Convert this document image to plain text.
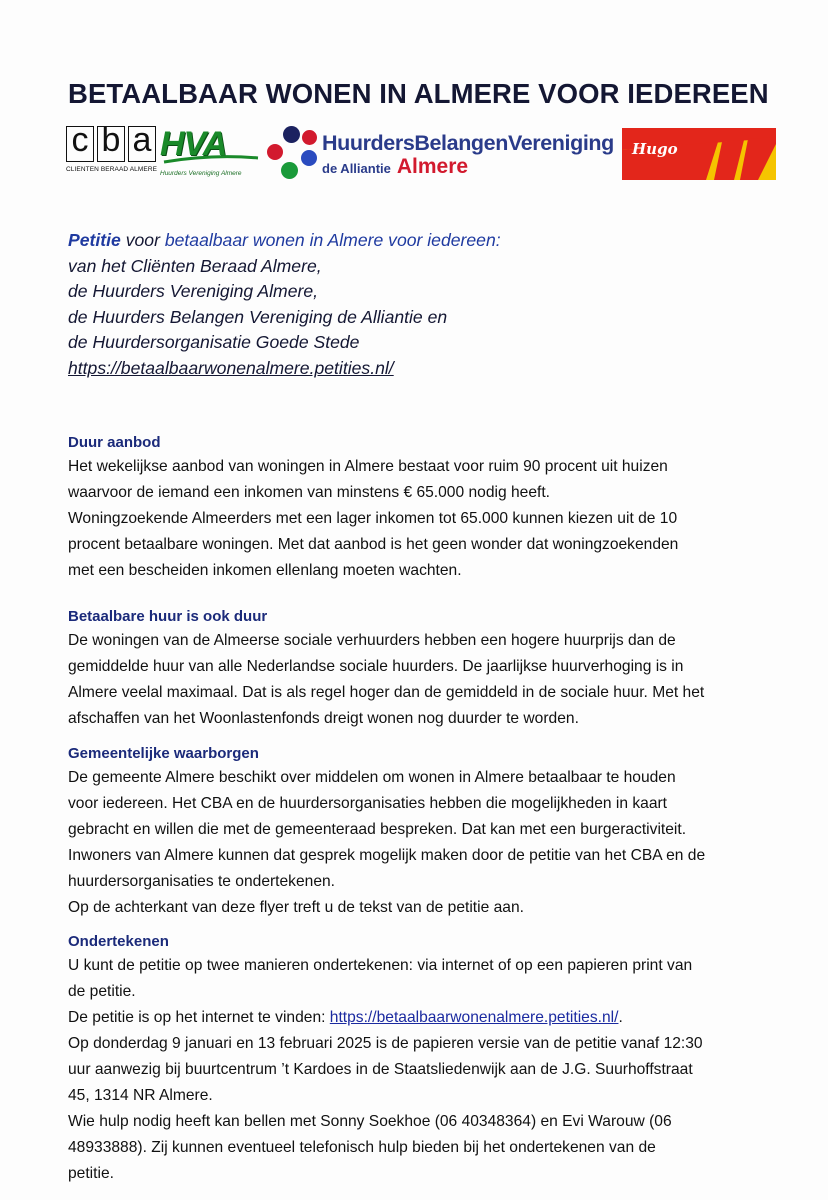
BETAALBAAR WONEN IN ALMERE VOOR IEDEREEN
c b a
CLIENTEN BERAAD ALMERE
HVA
Huurders Vereniging Almere
HuurdersBelangenVereniging
de Alliantie Almere
Hugo
Petitie voor betaalbaar wonen in Almere voor iedereen:
van het Cliënten Beraad Almere,
de Huurders Vereniging Almere,
de Huurders Belangen Vereniging de Alliantie en
de Huurdersorganisatie Goede Stede
https://betaalbaarwonenalmere.petities.nl/
Duur aanbod
Het wekelijkse aanbod van woningen in Almere bestaat voor ruim 90 procent uit huizen
waarvoor de iemand een inkomen van minstens € 65.000 nodig heeft.
Woningzoekende Almeerders met een lager inkomen tot 65.000 kunnen kiezen uit de 10
procent betaalbare woningen. Met dat aanbod is het geen wonder dat woningzoekenden
met een bescheiden inkomen ellenlang moeten wachten.
Betaalbare huur is ook duur
De woningen van de Almeerse sociale verhuurders hebben een hogere huurprijs dan de
gemiddelde huur van alle Nederlandse sociale huurders. De jaarlijkse huurverhoging is in
Almere veelal maximaal. Dat is als regel hoger dan de gemiddeld in de sociale huur. Met het
afschaffen van het Woonlastenfonds dreigt wonen nog duurder te worden.
Gemeentelijke waarborgen
De gemeente Almere beschikt over middelen om wonen in Almere betaalbaar te houden
voor iedereen. Het CBA en de huurdersorganisaties hebben die mogelijkheden in kaart
gebracht en willen die met de gemeenteraad bespreken. Dat kan met een burgeractiviteit.
Inwoners van Almere kunnen dat gesprek mogelijk maken door de petitie van het CBA en de
huurdersorganisaties te ondertekenen.
Op de achterkant van deze flyer treft u de tekst van de petitie aan.
Ondertekenen
U kunt de petitie op twee manieren ondertekenen: via internet of op een papieren print van
de petitie.
De petitie is op het internet te vinden: https://betaalbaarwonenalmere.petities.nl/.
Op donderdag 9 januari en 13 februari 2025 is de papieren versie van de petitie vanaf 12:30
uur aanwezig bij buurtcentrum ’t Kardoes in de Staatsliedenwijk aan de J.G. Suurhoffstraat
45, 1314 NR Almere.
Wie hulp nodig heeft kan bellen met Sonny Soekhoe (06 40348364) en Evi Warouw (06
48933888). Zij kunnen eventueel telefonisch hulp bieden bij het ondertekenen van de
petitie.
